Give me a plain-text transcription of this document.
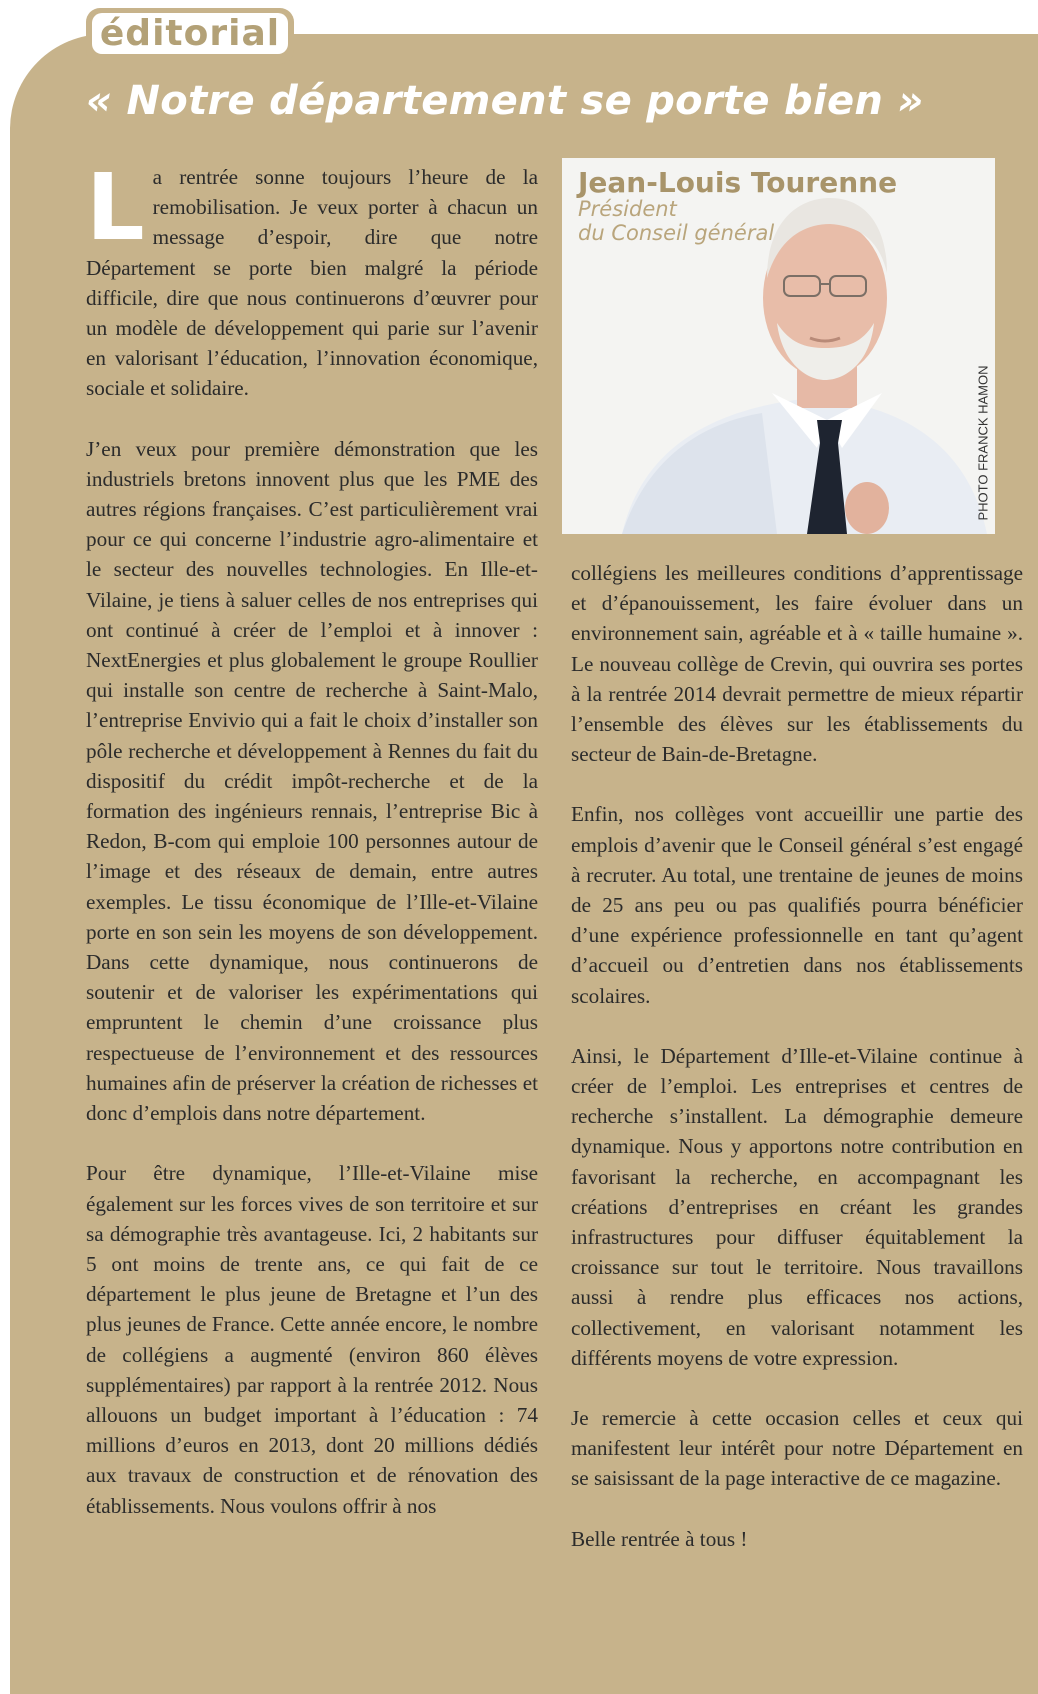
éditorial
« Notre département se porte bien »

La rentrée sonne toujours l’heure de la remobilisation. Je veux porter à chacun un message d’espoir, dire que notre Département se porte bien malgré la période difficile, dire que nous continuerons d’œuvrer pour un modèle de développement qui parie sur l’avenir en valorisant l’éducation, l’innovation économique, sociale et solidaire.

J’en veux pour première démonstration que les industriels bretons innovent plus que les PME des autres régions françaises. C’est particulièrement vrai pour ce qui concerne l’industrie agro-alimentaire et le secteur des nouvelles technologies. En Ille-et-Vilaine, je tiens à saluer celles de nos entreprises qui ont continué à créer de l’emploi et à innover : NextEnergies et plus globalement le groupe Roullier qui installe son centre de recherche à Saint-Malo, l’entreprise Envivio qui a fait le choix d’installer son pôle recherche et développement à Rennes du fait du dispositif du crédit impôt-recherche et de la formation des ingénieurs rennais, l’entreprise Bic à Redon, B-com qui emploie 100 personnes autour de l’image et des réseaux de demain, entre autres exemples. Le tissu économique de l’Ille-et-Vilaine porte en son sein les moyens de son développement. Dans cette dynamique, nous continuerons de soutenir et de valoriser les expérimentations qui empruntent le chemin d’une croissance plus respectueuse de l’environnement et des ressources humaines afin de préserver la création de richesses et donc d’emplois dans notre département.

Pour être dynamique, l’Ille-et-Vilaine mise également sur les forces vives de son territoire et sur sa démographie très avantageuse. Ici, 2 habitants sur 5 ont moins de trente ans, ce qui fait de ce département le plus jeune de Bretagne et l’un des plus jeunes de France. Cette année encore, le nombre de collégiens a augmenté (environ 860 élèves supplémentaires) par rapport à la rentrée 2012. Nous allouons un budget important à l’éducation : 74 millions d’euros en 2013, dont 20 millions dédiés aux travaux de construction et de rénovation des établissements. Nous voulons offrir à nos

Jean-Louis Tourenne
Président
du Conseil général
PHOTO FRANCK HAMON

collégiens les meilleures conditions d’apprentissage et d’épanouissement, les faire évoluer dans un environnement sain, agréable et à « taille humaine ». Le nouveau collège de Crevin, qui ouvrira ses portes à la rentrée 2014 devrait permettre de mieux répartir l’ensemble des élèves sur les établissements du secteur de Bain-de-Bretagne.

Enfin, nos collèges vont accueillir une partie des emplois d’avenir que le Conseil général s’est engagé à recruter. Au total, une trentaine de jeunes de moins de 25 ans peu ou pas qualifiés pourra bénéficier d’une expérience professionnelle en tant qu’agent d’accueil ou d’entretien dans nos établissements scolaires.

Ainsi, le Département d’Ille-et-Vilaine continue à créer de l’emploi. Les entreprises et centres de recherche s’installent. La démographie demeure dynamique. Nous y apportons notre contribution en favorisant la recherche, en accompagnant les créations d’entreprises en créant les grandes infrastructures pour diffuser équitablement la croissance sur tout le territoire. Nous travaillons aussi à rendre plus efficaces nos actions, collectivement, en valorisant notamment les différents moyens de votre expression.

Je remercie à cette occasion celles et ceux qui manifestent leur intérêt pour notre Département en se saisissant de la page interactive de ce magazine.

Belle rentrée à tous !
